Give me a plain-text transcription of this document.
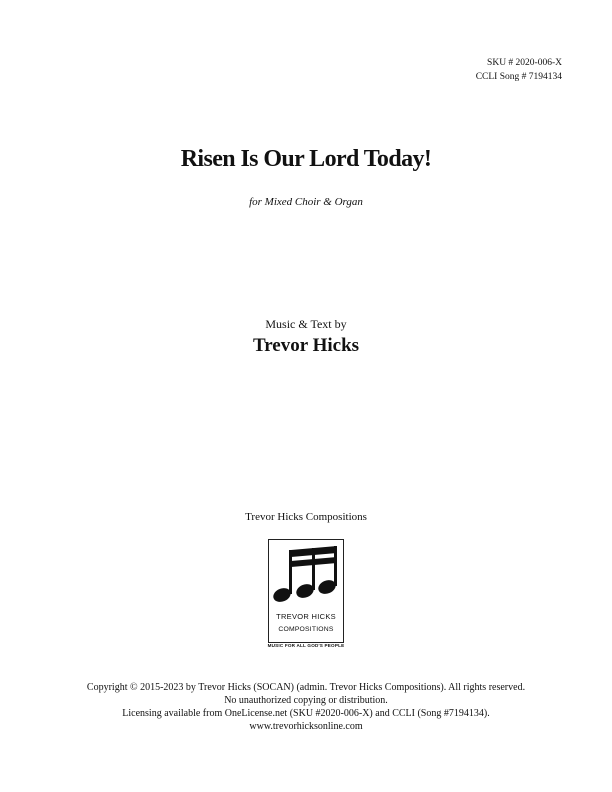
SKU # 2020-006-X
CCLI Song # 7194134
Risen Is Our Lord Today!
for Mixed Choir & Organ
Music & Text by
Trevor Hicks
Trevor Hicks Compositions
TREVOR HICKS
COMPOSITIONS
MUSIC FOR ALL GOD'S PEOPLE
Copyright © 2015-2023 by Trevor Hicks (SOCAN) (admin. Trevor Hicks Compositions). All rights reserved.
No unauthorized copying or distribution.
Licensing available from OneLicense.net (SKU #2020-006-X) and CCLI (Song #7194134).
www.trevorhicksonline.com
